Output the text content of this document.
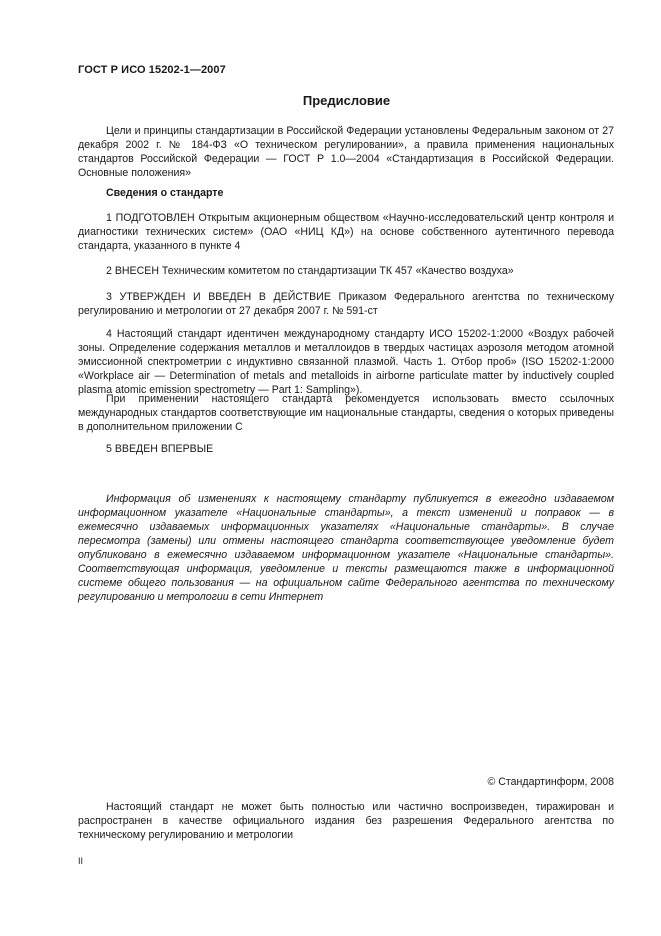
ГОСТ Р ИСО 15202-1—2007
Предисловие

Цели и принципы стандартизации в Российской Федерации установлены Федеральным законом от 27 декабря 2002 г. № 184-ФЗ «О техническом регулировании», а правила применения национальных стандартов Российской Федерации — ГОСТ Р 1.0—2004 «Стандартизация в Российской Федерации. Основные положения»

Сведения о стандарте

1 ПОДГОТОВЛЕН Открытым акционерным обществом «Научно-исследовательский центр контроля и диагностики технических систем» (ОАО «НИЦ КД») на основе собственного аутентичного перевода стандарта, указанного в пункте 4

2 ВНЕСЕН Техническим комитетом по стандартизации ТК 457 «Качество воздуха»

3 УТВЕРЖДЕН И ВВЕДЕН В ДЕЙСТВИЕ Приказом Федерального агентства по техническому регулированию и метрологии от 27 декабря 2007 г. № 591-ст

4 Настоящий стандарт идентичен международному стандарту ИСО 15202-1:2000 «Воздух рабочей зоны. Определение содержания металлов и металлоидов в твердых частицах аэрозоля методом атомной эмиссионной спектрометрии с индуктивно связанной плазмой. Часть 1. Отбор проб» (ISO 15202-1:2000 «Workplace air — Determination of metals and metalloids in airborne particulate matter by inductively coupled plasma atomic emission spectrometry — Part 1: Sampling»).

При применении настоящего стандарта рекомендуется использовать вместо ссылочных международных стандартов соответствующие им национальные стандарты, сведения о которых приведены в дополнительном приложении С

5 ВВЕДЕН ВПЕРВЫЕ

Информация об изменениях к настоящему стандарту публикуется в ежегодно издаваемом информационном указателе «Национальные стандарты», а текст изменений и поправок — в ежемесячно издаваемых информационных указателях «Национальные стандарты». В случае пересмотра (замены) или отмены настоящего стандарта соответствующее уведомление будет опубликовано в ежемесячно издаваемом информационном указателе «Национальные стандарты». Соответствующая информация, уведомление и тексты размещаются также в информационной системе общего пользования — на официальном сайте Федерального агентства по техническому регулированию и метрологии в сети Интернет

© Стандартинформ, 2008

Настоящий стандарт не может быть полностью или частично воспроизведен, тиражирован и распространен в качестве официального издания без разрешения Федерального агентства по техническому регулированию и метрологии

II
